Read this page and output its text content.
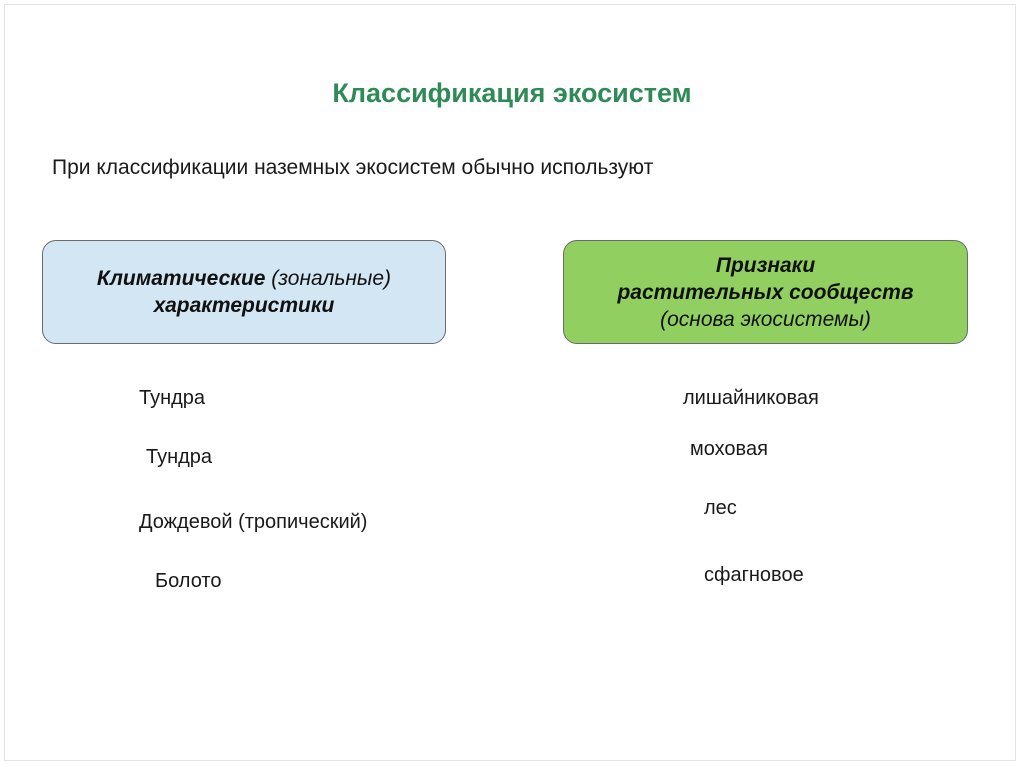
Классификация экосистем
При классификации наземных экосистем обычно используют
Климатические (зональные)
характеристики
Признаки
растительных сообществ
(основа экосистемы)
Тундра
Тундра
Дождевой (тропический)
Болото
лишайниковая
моховая
лес
сфагновое
